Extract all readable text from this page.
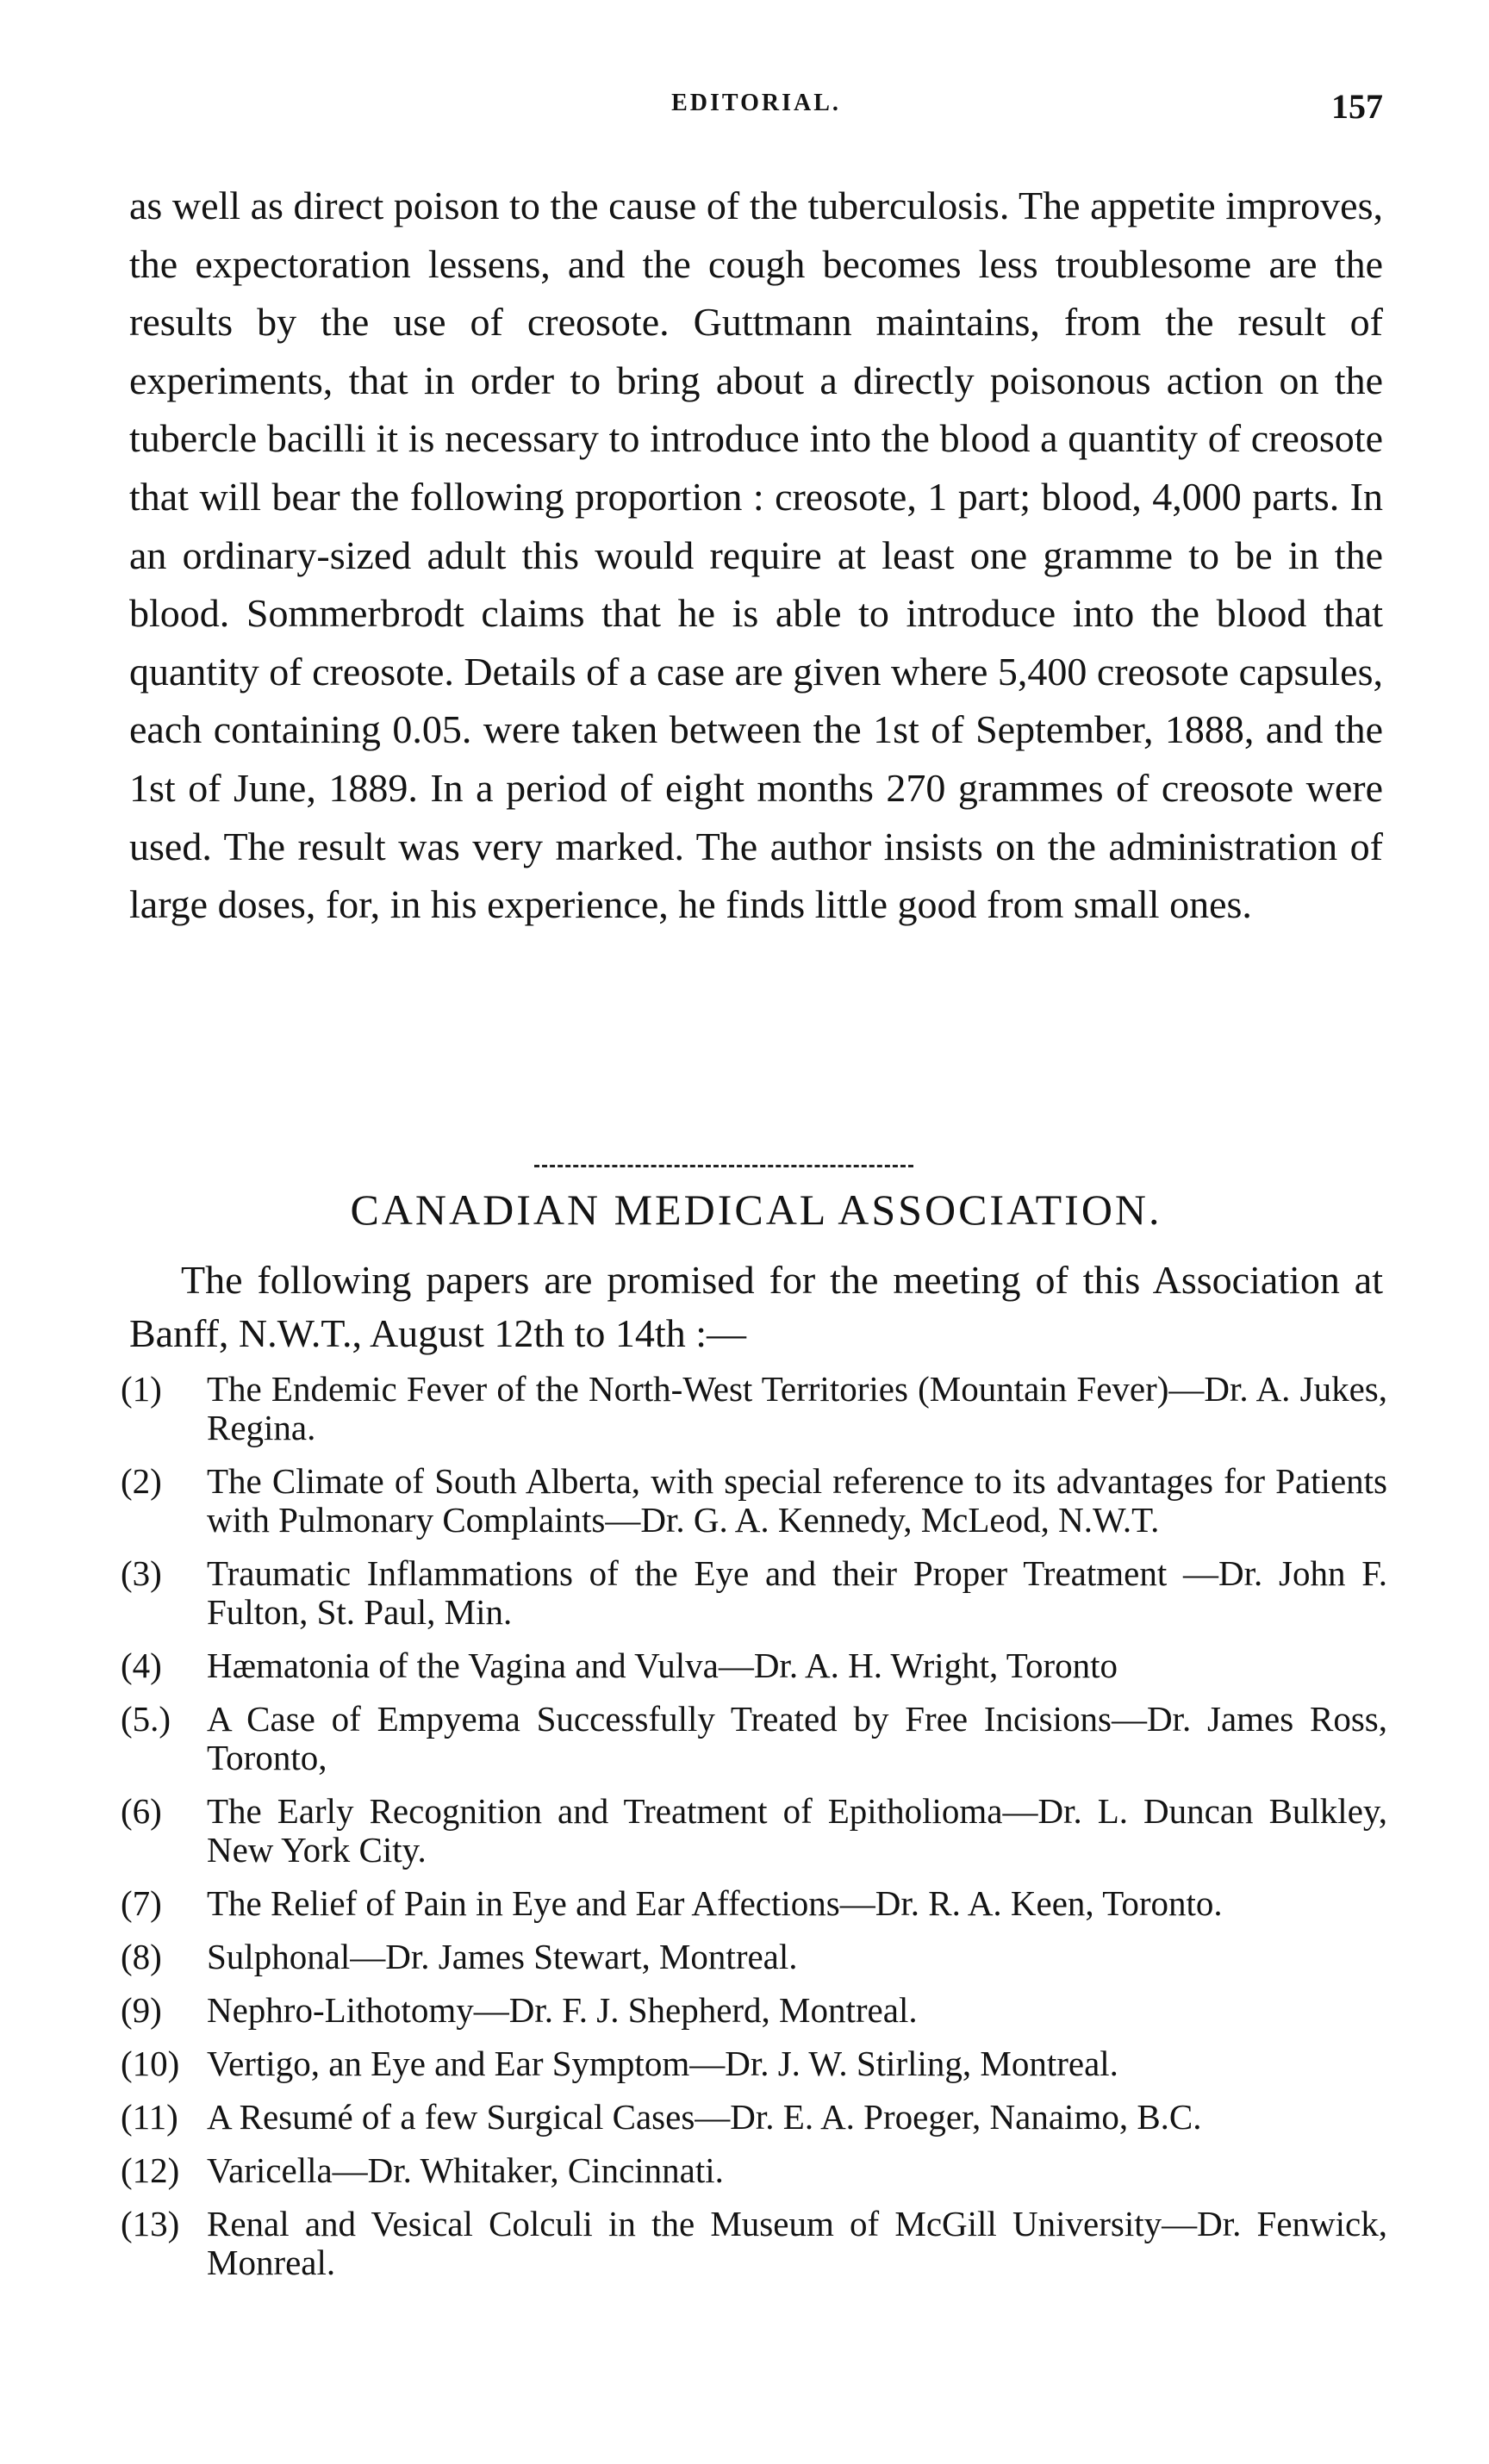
EDITORIAL.	157

as well as direct poison to the cause of the tuberculosis. The appetite improves, the expectoration lessens, and the cough becomes less troublesome are the results by the use of creosote. Guttmann maintains, from the result of experiments, that in order to bring about a directly poisonous action on the tubercle bacilli it is necessary to introduce into the blood a quantity of creosote that will bear the following proportion : creosote, 1 part; blood, 4,000 parts. In an ordinary-sized adult this would require at least one gramme to be in the blood. Sommerbrodt claims that he is able to introduce into the blood that quantity of creosote. Details of a case are given where 5,400 creosote capsules, each containing 0.05. were taken between the 1st of September, 1888, and the 1st of June, 1889. In a period of eight months 270 grammes of creosote were used. The result was very marked. The author insists on the administration of large doses, for, in his experience, he finds little good from small ones.

CANADIAN MEDICAL ASSOCIATION.

The following papers are promised for the meeting of this Association at Banff, N.W.T., August 12th to 14th :—

(1)	The Endemic Fever of the North-West Territories (Mountain Fever)—Dr. A. Jukes, Regina.
(2)	The Climate of South Alberta, with special reference to its advantages for Patients with Pulmonary Complaints—Dr. G. A. Kennedy, McLeod, N.W.T.
(3)	Traumatic Inflammations of the Eye and their Proper Treatment —Dr. John F. Fulton, St. Paul, Min.
(4)	Hæmatonia of the Vagina and Vulva—Dr. A. H. Wright, Toronto
(5.)	A Case of Empyema Successfully Treated by Free Incisions—Dr. James Ross, Toronto,
(6)	The Early Recognition and Treatment of Epitholioma—Dr. L. Duncan Bulkley, New York City.
(7)	The Relief of Pain in Eye and Ear Affections—Dr. R. A. Keen, Toronto.
(8)	Sulphonal—Dr. James Stewart, Montreal.
(9)	Nephro-Lithotomy—Dr. F. J. Shepherd, Montreal.
(10) Vertigo, an Eye and Ear Symptom—Dr. J. W. Stirling, Montreal.
(11) A Resumé of a few Surgical Cases—Dr. E. A. Proeger, Nanaimo, B.C.
(12) Varicella—Dr. Whitaker, Cincinnati.
(13) Renal and Vesical Colculi in the Museum of McGill University—Dr. Fenwick, Monreal.
